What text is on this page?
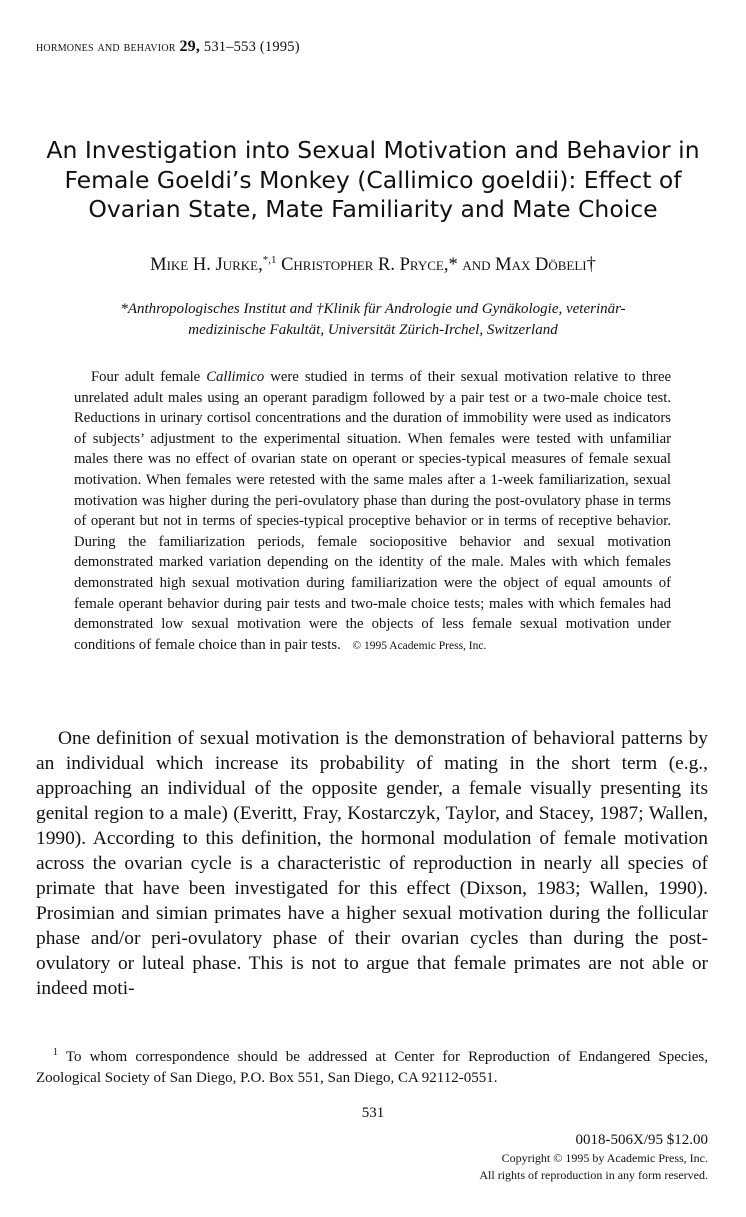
hormones and behavior 29, 531–553 (1995)
An Investigation into Sexual Motivation and Behavior in Female Goeldi’s Monkey (Callimico goeldii): Effect of Ovarian State, Mate Familiarity and Mate Choice
Mike H. Jurke,$^{*,1}$ Christopher R. Pryce,* and Max Döbeli†
*Anthropologisches Institut and †Klinik für Andrologie und Gynäkologie, veterinär-
medizinische Fakultät, Universität Zürich-Irchel, Switzerland
Four adult female Callimico were studied in terms of their sexual motivation relative to three unrelated adult males using an operant paradigm followed by a pair test or a two-male choice test. Reductions in urinary cortisol concentrations and the duration of immobility were used as indicators of subjects’ adjustment to the experimental situation. When females were tested with unfamiliar males there was no effect of ovarian state on operant or species-typical measures of female sexual motivation. When females were retested with the same males after a 1-week familiarization, sexual motivation was higher during the peri-ovulatory phase than during the post-ovulatory phase in terms of operant but not in terms of species-typical proceptive behavior or in terms of receptive behavior. During the familiarization periods, female sociopositive behavior and sexual motivation demonstrated marked variation depending on the identity of the male. Males with which females demonstrated high sexual motivation during familiarization were the object of equal amounts of female operant behavior during pair tests and two-male choice tests; males with which females had demonstrated low sexual motivation were the objects of less female sexual motivation under conditions of female choice than in pair tests. © 1995 Academic Press, Inc.
One definition of sexual motivation is the demonstration of behavioral patterns by an individual which increase its probability of mating in the short term (e.g., approaching an individual of the opposite gender, a female visually presenting its genital region to a male) (Everitt, Fray, Kostarczyk, Taylor, and Stacey, 1987; Wallen, 1990). According to this definition, the hormonal modulation of female motivation across the ovarian cycle is a characteristic of reproduction in nearly all species of primate that have been investigated for this effect (Dixson, 1983; Wallen, 1990). Prosimian and simian primates have a higher sexual motivation during the follicular phase and/or peri-ovulatory phase of their ovarian cycles than during the post-ovulatory or luteal phase. This is not to argue that female primates are not able or indeed moti-
$^1$ To whom correspondence should be addressed at Center for Reproduction of Endangered Species, Zoological Society of San Diego, P.O. Box 551, San Diego, CA 92112-0551.
531
0018-506X/95 $12.00
Copyright © 1995 by Academic Press, Inc.
All rights of reproduction in any form reserved.
